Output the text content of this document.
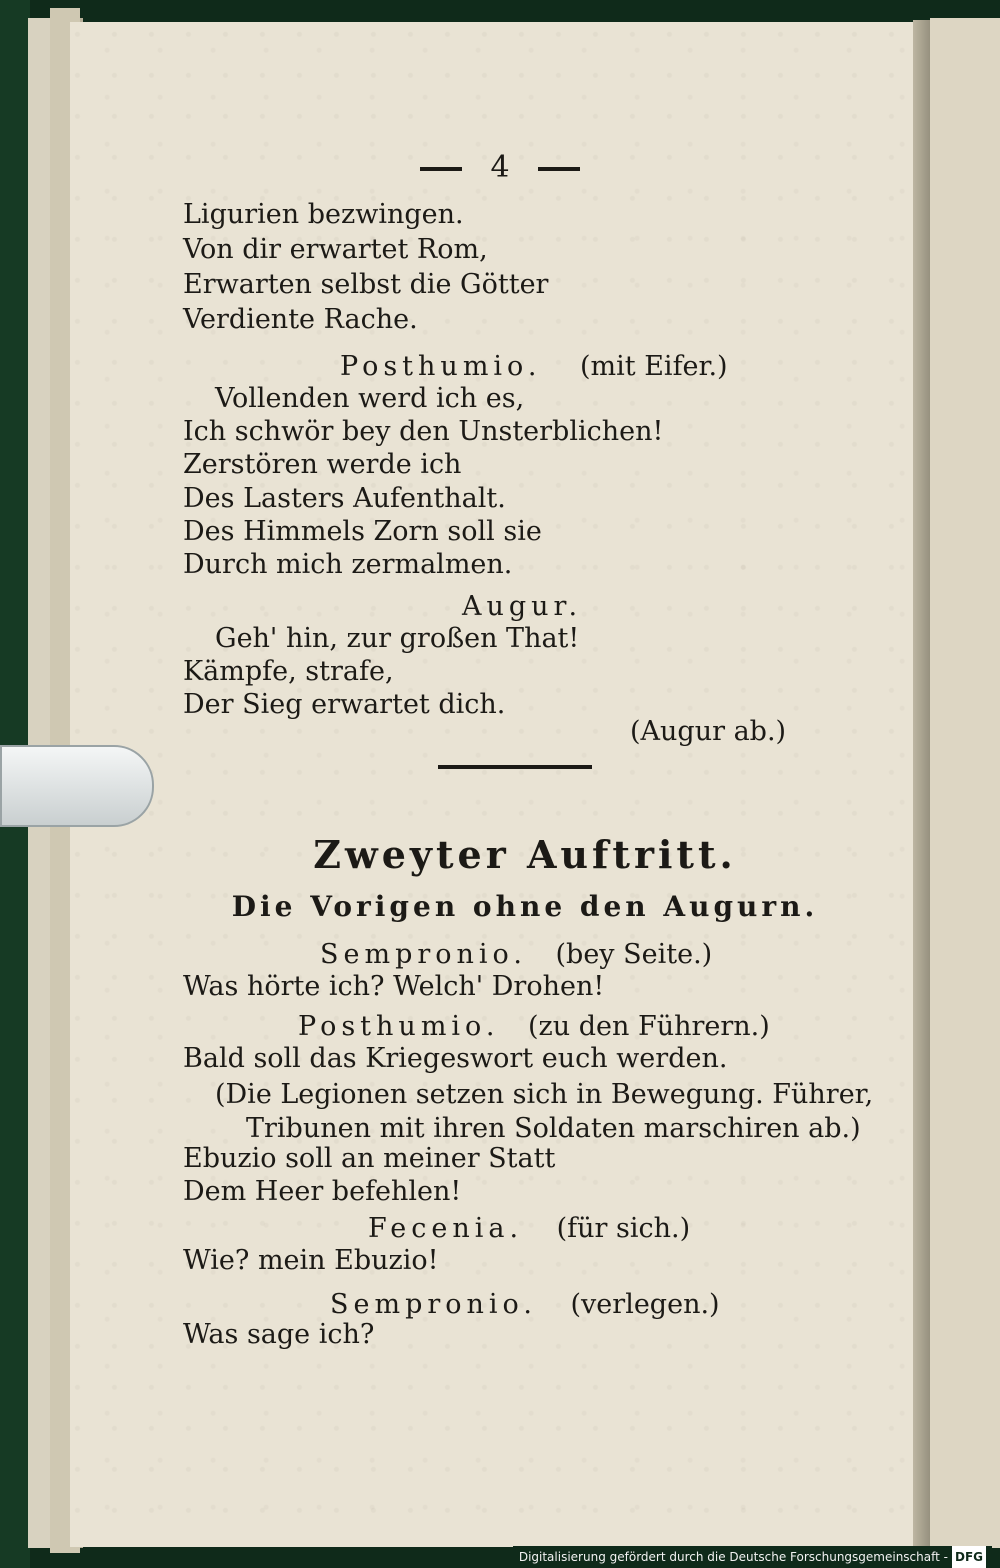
4
Ligurien bezwingen.
Von dir erwartet Rom,
Erwarten selbst die Götter
Verdiente Rache.
Posthumio. (mit Eifer.)
Vollenden werd ich es,
Ich schwör bey den Unsterblichen!
Zerstören werde ich
Des Lasters Aufenthalt.
Des Himmels Zorn soll sie
Durch mich zermalmen.
Augur.
Geh' hin, zur großen That!
Kämpfe, strafe,
Der Sieg erwartet dich.
(Augur ab.)
Zweyter Auftritt.
Die Vorigen ohne den Augurn.
Sempronio. (bey Seite.)
Was hörte ich? Welch' Drohen!
Posthumio. (zu den Führern.)
Bald soll das Kriegeswort euch werden.
(Die Legionen setzen sich in Bewegung. Führer,
Tribunen mit ihren Soldaten marschiren ab.)
Ebuzio soll an meiner Statt
Dem Heer befehlen!
Fecenia. (für sich.)
Wie? mein Ebuzio!
Sempronio. (verlegen.)
Was sage ich?
Digitalisierung gefördert durch die Deutsche Forschungsgemeinschaft - DFG
